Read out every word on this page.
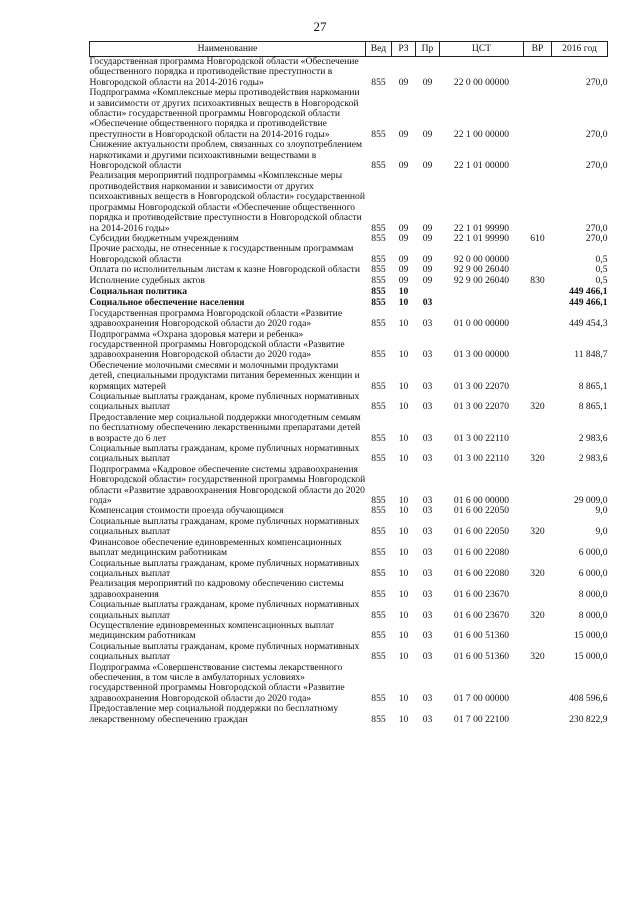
27
Наименование	Вед	РЗ	Пр	ЦСТ	ВР	2016 год
Государственная программа Новгородской области «Обеспечение общественного порядка и противодействие преступности в Новгородской области на 2014-2016 годы»	855	09	09	22 0 00 00000		270,0
Подпрограмма «Комплексные меры противодействия наркомании и зависимости от других психоактивных веществ в Новгородской области» государственной программы Новгородской области «Обеспечение общественного порядка и противодействие преступности в Новгородской области на 2014-2016 годы»	855	09	09	22 1 00 00000		270,0
Снижение актуальности проблем, связанных со злоупотреблением наркотиками и другими психоактивными веществами в Новгородской области	855	09	09	22 1 01 00000		270,0
Реализация мероприятий подпрограммы «Комплексные меры противодействия наркомании и зависимости от других психоактивных веществ в Новгородской области» государственной программы Новгородской области «Обеспечение общественного порядка и противодействие преступности в Новгородской области на 2014-2016 годы»	855	09	09	22 1 01 99990		270,0
Субсидии бюджетным учреждениям	855	09	09	22 1 01 99990	610	270,0
Прочие расходы, не отнесенные к государственным программам Новгородской области	855	09	09	92 0 00 00000		0,5
Оплата по исполнительным листам к казне Новгородской области	855	09	09	92 9 00 26040		0,5
Исполнение судебных актов	855	09	09	92 9 00 26040	830	0,5
Социальная политика	855	10				449 466,1
Социальное обеспечение населения	855	10	03			449 466,1
Государственная программа Новгородской области «Развитие здравоохранения Новгородской области до 2020 года»	855	10	03	01 0 00 00000		449 454,3
Подпрограмма «Охрана здоровья матери и ребенка» государственной программы Новгородской области «Развитие здравоохранения Новгородской области до 2020 года»	855	10	03	01 3 00 00000		11 848,7
Обеспечение молочными смесями и молочными продуктами детей, специальными продуктами питания беременных женщин и кормящих матерей	855	10	03	01 3 00 22070		8 865,1
Социальные выплаты гражданам, кроме публичных нормативных социальных выплат	855	10	03	01 3 00 22070	320	8 865,1
Предоставление мер социальной поддержки многодетным семьям по бесплатному обеспечению лекарственными препаратами детей в возрасте до 6 лет	855	10	03	01 3 00 22110		2 983,6
Социальные выплаты гражданам, кроме публичных нормативных социальных выплат	855	10	03	01 3 00 22110	320	2 983,6
Подпрограмма «Кадровое обеспечение системы здравоохранения Новгородской области» государственной программы Новгородской области «Развитие здравоохранения Новгородской области до 2020 года»	855	10	03	01 6 00 00000		29 009,0
Компенсация стоимости проезда обучающимся	855	10	03	01 6 00 22050		9,0
Социальные выплаты гражданам, кроме публичных нормативных социальных выплат	855	10	03	01 6 00 22050	320	9,0
Финансовое обеспечение единовременных компенсационных выплат медицинским работникам	855	10	03	01 6 00 22080		6 000,0
Социальные выплаты гражданам, кроме публичных нормативных социальных выплат	855	10	03	01 6 00 22080	320	6 000,0
Реализация мероприятий по кадровому обеспечению системы здравоохранения	855	10	03	01 6 00 23670		8 000,0
Социальные выплаты гражданам, кроме публичных нормативных социальных выплат	855	10	03	01 6 00 23670	320	8 000,0
Осуществление единовременных компенсационных выплат медицинским работникам	855	10	03	01 6 00 51360		15 000,0
Социальные выплаты гражданам, кроме публичных нормативных социальных выплат	855	10	03	01 6 00 51360	320	15 000,0
Подпрограмма «Совершенствование системы лекарственного обеспечения, в том числе в амбулаторных условиях» государственной программы Новгородской области «Развитие здравоохранения Новгородской области до 2020 года»	855	10	03	01 7 00 00000		408 596,6
Предоставление мер социальной поддержки по бесплатному лекарственному обеспечению граждан	855	10	03	01 7 00 22100		230 822,9
